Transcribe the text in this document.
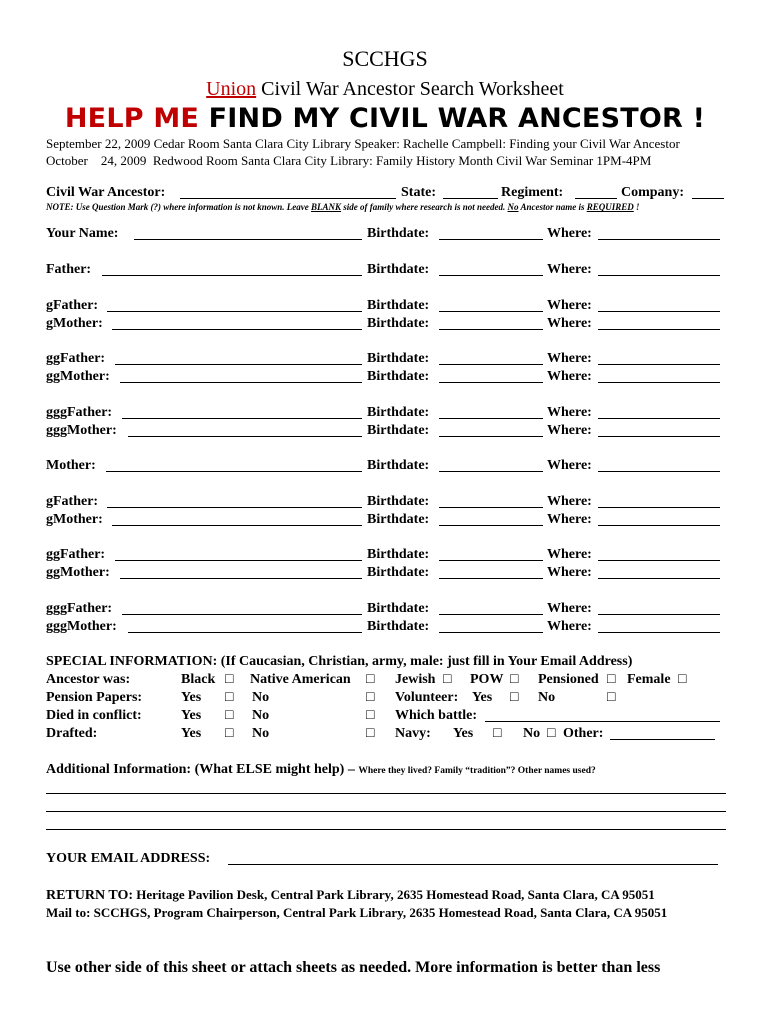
SCCHGS
Union Civil War Ancestor Search Worksheet
HELP ME FIND MY CIVIL WAR ANCESTOR !
September 22, 2009 Cedar Room Santa Clara City Library Speaker: Rachelle Campbell: Finding your Civil War Ancestor
October    24, 2009  Redwood Room Santa Clara City Library: Family History Month Civil War Seminar 1PM-4PM
Civil War Ancestor:	State:	Regiment:	Company:
NOTE: Use Question Mark (?) where information is not known. Leave BLANK side of family where research is not needed. No Ancestor name is REQUIRED !
Your Name:	Birthdate:	Where:
Father:	Birthdate:	Where:
gFather:	Birthdate:	Where:
gMother:	Birthdate:	Where:
ggFather:	Birthdate:	Where:
ggMother:	Birthdate:	Where:
gggFather:	Birthdate:	Where:
gggMother:	Birthdate:	Where:
Mother:	Birthdate:	Where:
gFather:	Birthdate:	Where:
gMother:	Birthdate:	Where:
ggFather:	Birthdate:	Where:
ggMother:	Birthdate:	Where:
gggFather:	Birthdate:	Where:
gggMother:	Birthdate:	Where:
SPECIAL INFORMATION: (If Caucasian, Christian, army, male: just fill in Your Email Address)
Ancestor was:	Black □ Native American □ Jewish □ POW □ Pensioned □ Female □
Pension Papers:	Yes □ No	□ Volunteer: Yes □ No	□
Died in conflict:	Yes □ No	□ Which battle:
Drafted:	Yes □ No	□ Navy: Yes □ No □ Other:
Additional Information: (What ELSE might help) – Where they lived? Family “tradition”? Other names used?
YOUR EMAIL ADDRESS:
RETURN TO: Heritage Pavilion Desk, Central Park Library, 2635 Homestead Road, Santa Clara, CA 95051
Mail to: SCCHGS, Program Chairperson, Central Park Library, 2635 Homestead Road, Santa Clara, CA 95051
Use other side of this sheet or attach sheets as needed. More information is better than less
